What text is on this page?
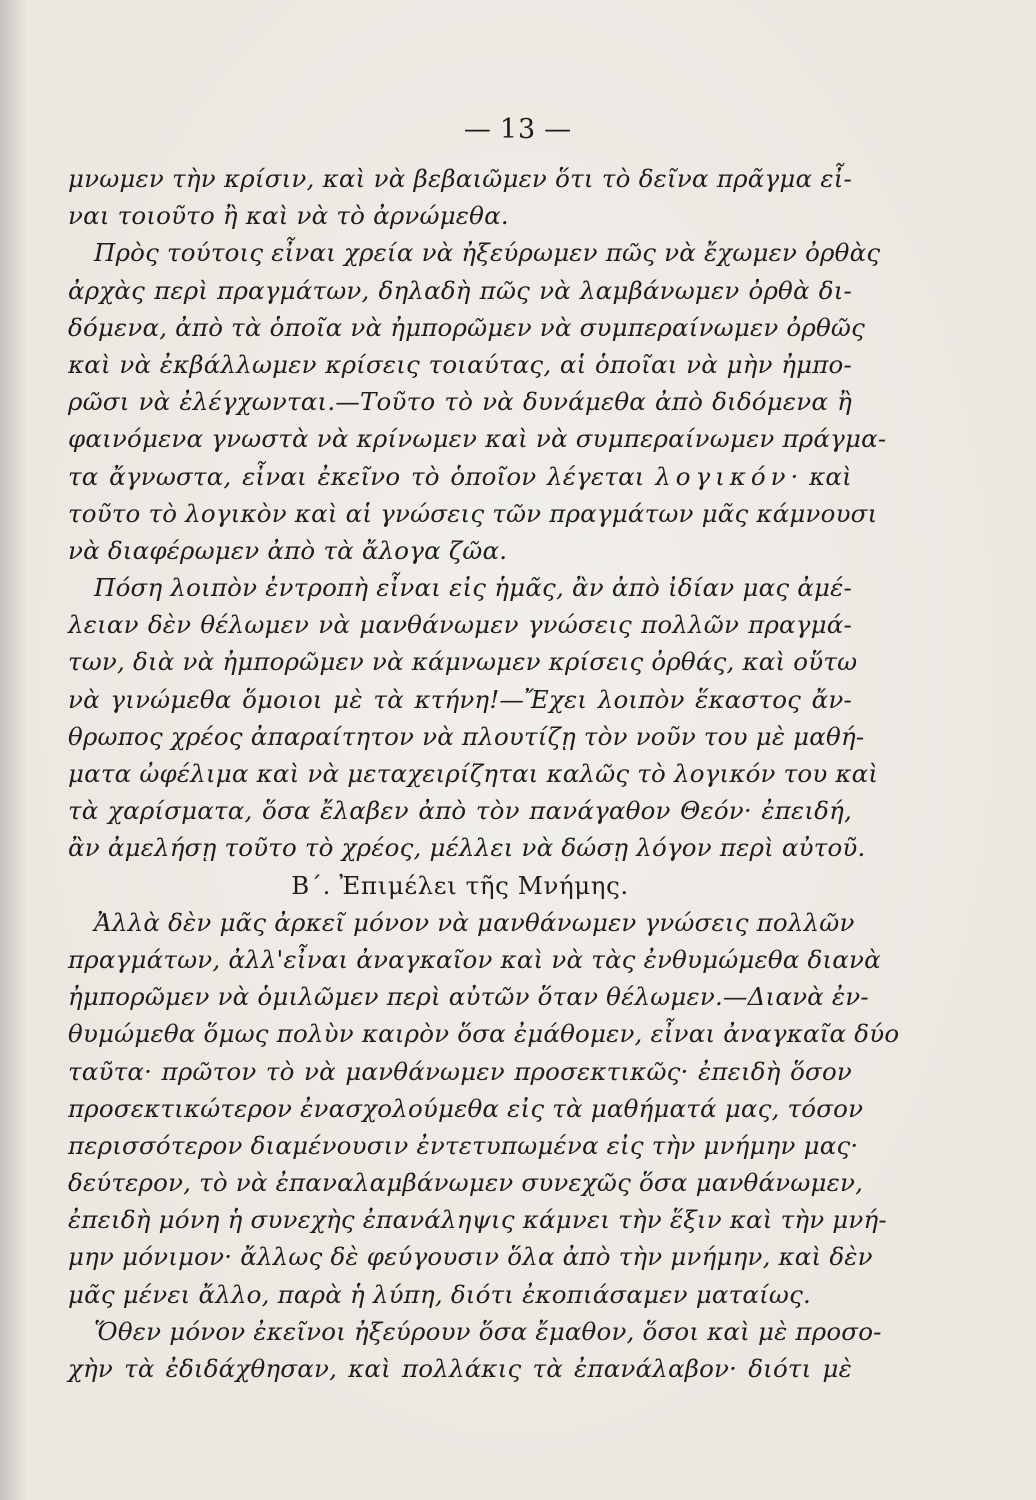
— 13 —
μνωμεν τὴν κρίσιν, καὶ νὰ βεβαιῶμεν ὅτι τὸ δεῖνα πρᾶγμα εἶ-
ναι τοιοῦτο ἢ καὶ νὰ τὸ ἀρνώμεθα.
Πρὸς τούτοις εἶναι χρεία νὰ ἠξεύρωμεν πῶς νὰ ἔχωμεν ὀρθὰς
ἀρχὰς περὶ πραγμάτων, δηλαδὴ πῶς νὰ λαμβάνωμεν ὀρθὰ δι-
δόμενα, ἀπὸ τὰ ὁποῖα νὰ ἠμπορῶμεν νὰ συμπεραίνωμεν ὀρθῶς
καὶ νὰ ἐκβάλλωμεν κρίσεις τοιαύτας, αἱ ὁποῖαι νὰ μὴν ἠμπο-
ρῶσι νὰ ἐλέγχωνται.—Τοῦτο τὸ νὰ δυνάμεθα ἀπὸ διδόμενα ἢ
φαινόμενα γνωστὰ νὰ κρίνωμεν καὶ νὰ συμπεραίνωμεν πράγμα-
τα ἄγνωστα, εἶναι ἐκεῖνο τὸ ὁποῖον λέγεται λογικόν· καὶ
τοῦτο τὸ λογικὸν καὶ αἱ γνώσεις τῶν πραγμάτων μᾶς κάμνουσι
νὰ διαφέρωμεν ἀπὸ τὰ ἄλογα ζῶα.
Πόση λοιπὸν ἐντροπὴ εἶναι εἰς ἡμᾶς, ἂν ἀπὸ ἰδίαν μας ἀμέ-
λειαν δὲν θέλωμεν νὰ μανθάνωμεν γνώσεις πολλῶν πραγμά-
των, διὰ νὰ ἠμπορῶμεν νὰ κάμνωμεν κρίσεις ὀρθάς, καὶ οὕτω
νὰ γινώμεθα ὅμοιοι μὲ τὰ κτήνη!—Ἔχει λοιπὸν ἕκαστος ἄν-
θρωπος χρέος ἀπαραίτητον νὰ πλουτίζῃ τὸν νοῦν του μὲ μαθή-
ματα ὠφέλιμα καὶ νὰ μεταχειρίζηται καλῶς τὸ λογικόν του καὶ
τὰ χαρίσματα, ὅσα ἔλαβεν ἀπὸ τὸν πανάγαθον Θεόν· ἐπειδή,
ἂν ἀμελήσῃ τοῦτο τὸ χρέος, μέλλει νὰ δώσῃ λόγον περὶ αὐτοῦ.
Β΄. Ἐπιμέλει τῆς Μνήμης.
Ἀλλὰ δὲν μᾶς ἀρκεῖ μόνον νὰ μανθάνωμεν γνώσεις πολλῶν
πραγμάτων, ἀλλ'εἶναι ἀναγκαῖον καὶ νὰ τὰς ἐνθυμώμεθα διανὰ
ἠμπορῶμεν νὰ ὁμιλῶμεν περὶ αὐτῶν ὅταν θέλωμεν.—Διανὰ ἐν-
θυμώμεθα ὅμως πολὺν καιρὸν ὅσα ἐμάθομεν, εἶναι ἀναγκαῖα δύο
ταῦτα· πρῶτον τὸ νὰ μανθάνωμεν προσεκτικῶς· ἐπειδὴ ὅσον
προσεκτικώτερον ἐνασχολούμεθα εἰς τὰ μαθήματά μας, τόσον
περισσότερον διαμένουσιν ἐντετυπωμένα εἰς τὴν μνήμην μας·
δεύτερον, τὸ νὰ ἐπαναλαμβάνωμεν συνεχῶς ὅσα μανθάνωμεν,
ἐπειδὴ μόνη ἡ συνεχὴς ἐπανάληψις κάμνει τὴν ἕξιν καὶ τὴν μνή-
μην μόνιμον· ἄλλως δὲ φεύγουσιν ὅλα ἀπὸ τὴν μνήμην, καὶ δὲν
μᾶς μένει ἄλλο, παρὰ ἡ λύπη, διότι ἐκοπιάσαμεν ματαίως.
Ὅθεν μόνον ἐκεῖνοι ἠξεύρουν ὅσα ἔμαθον, ὅσοι καὶ μὲ προσο-
χὴν τὰ ἐδιδάχθησαν, καὶ πολλάκις τὰ ἐπανάλαβον· διότι μὲ
